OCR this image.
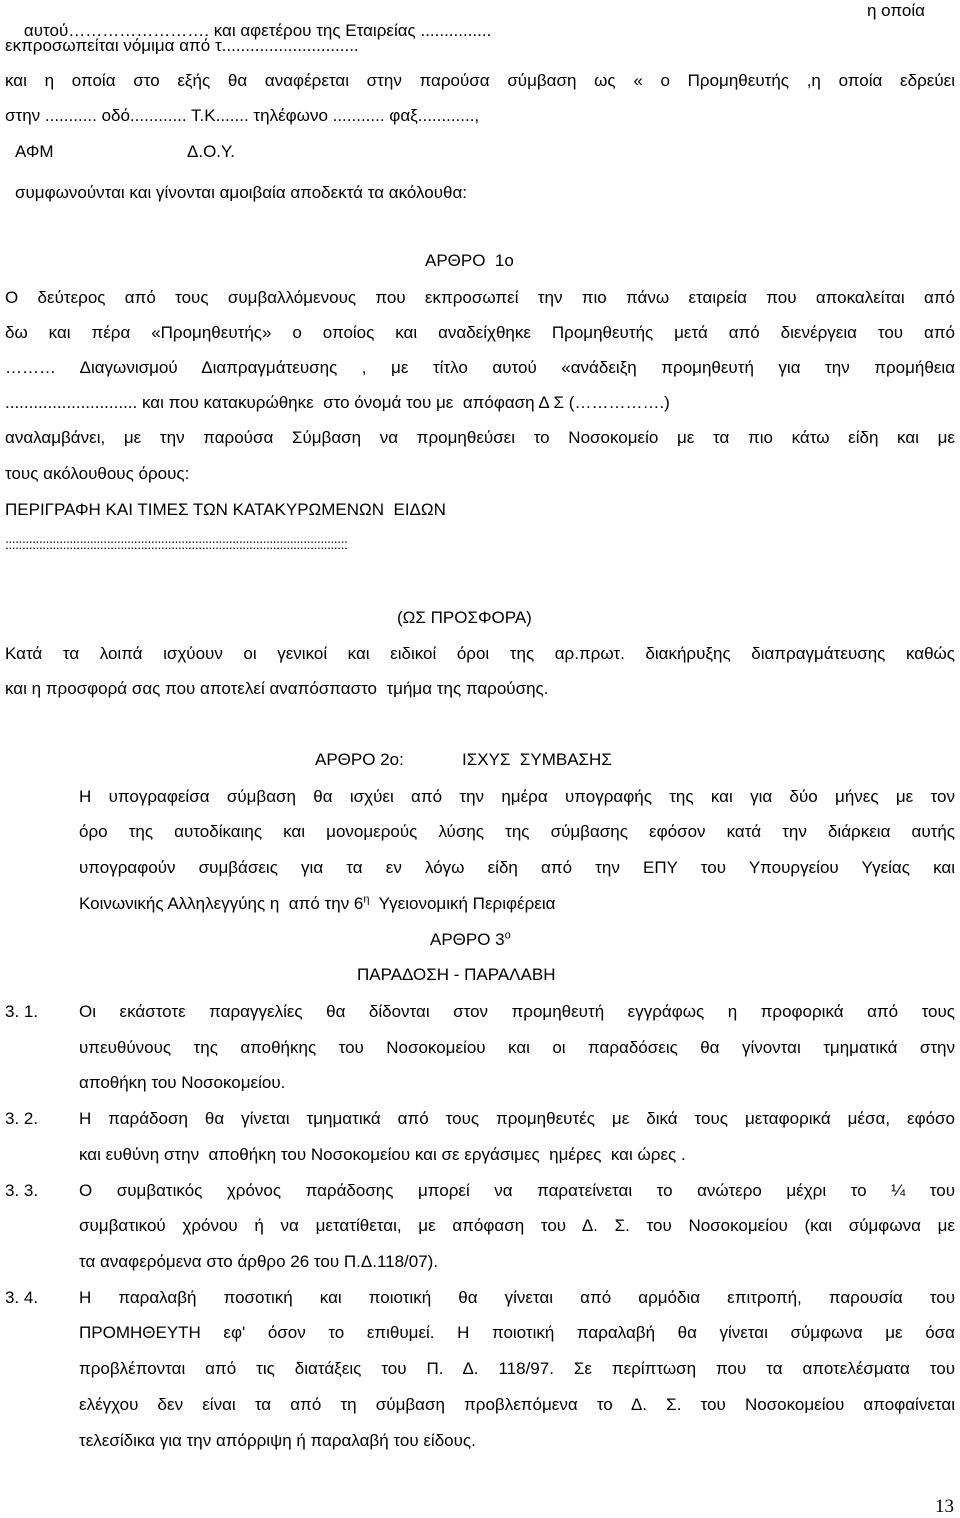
αυτού……………………. και αφετέρου της Εταιρείας ...............

η οποία
εκπροσωπείται νόμιμα από τ.............................
και η οποία στο εξής θα αναφέρεται στην παρούσα σύμβαση ως « ο Προμηθευτής ,η οποία εδρεύει
στην ........... οδό............ Τ.Κ....... τηλέφωνο ........... φαξ............,
ΑΦΜ	Δ.Ο.Υ.
συμφωνούνται και γίνονται αμοιβαία αποδεκτά τα ακόλουθα:
ΑΡΘΡΟ  1ο
Ο δεύτερος από τους συμβαλλόμενους που εκπροσωπεί την πιο πάνω εταιρεία που αποκαλείται από
δω και πέρα «Προμηθευτής» ο οποίος και αναδείχθηκε Προμηθευτής μετά από διενέργεια του από
……… Διαγωνισμού Διαπραγμάτευσης , με τίτλο αυτού «ανάδειξη προμηθευτή για την προμήθεια
............................ και που κατακυρώθηκε  στο όνομά του με  απόφαση Δ Σ (…………….)
αναλαμβάνει, με την παρούσα Σύμβαση να προμηθεύσει το Νοσοκομείο με τα πιο κάτω είδη και με
τους ακόλουθους όρους:
ΠΕΡΙΓΡΑΦΗ ΚΑΙ ΤΙΜΕΣ ΤΩΝ ΚΑΤΑΚΥΡΩΜΕΝΩΝ  ΕΙΔΩΝ
:::::::::::::::::::::::::::::::::::::::::::::::::::::::::::::::::::::::::::::::::::::::::::::::::::::
(ΩΣ ΠΡΟΣΦΟΡΑ)
Κατά τα λοιπά ισχύουν οι γενικοί και ειδικοί όροι της αρ.πρωτ. διακήρυξης διαπραγμάτευσης καθώς
και η προσφορά σας που αποτελεί αναπόσπαστο  τμήμα της παρούσης.
ΑΡΘΡΟ 2ο:	ΙΣΧΥΣ  ΣΥΜΒΑΣΗΣ
Η υπογραφείσα σύμβαση θα ισχύει από την ημέρα υπογραφής της και για δύο μήνες με τον
όρο της αυτοδίκαιης και μονομερούς λύσης της σύμβασης εφόσον κατά την διάρκεια αυτής
υπογραφούν συμβάσεις για τα εν λόγω είδη από την ΕΠΥ του Υπουργείου Υγείας και
Κοινωνικής Αλληλεγγύης η  από την $6^\eta$  Υγειονομική Περιφέρεια
ΑΡΘΡΟ $3^o$
ΠΑΡΑΔΟΣΗ - ΠΑΡΑΛΑΒΗ
3. 1. Οι εκάστοτε παραγγελίες θα δίδονται στον προμηθευτή εγγράφως η προφορικά από τους
υπευθύνους της αποθήκης του Νοσοκομείου και οι παραδόσεις θα γίνονται τμηματικά στην
αποθήκη του Νοσοκομείου.
3. 2. Η παράδοση θα γίνεται τμηματικά από τους προμηθευτές με δικά τους μεταφορικά μέσα, εφόσο
και ευθύνη στην  αποθήκη του Νοσοκομείου και σε εργάσιμες  ημέρες  και ώρες .
3. 3. Ο συμβατικός χρόνος παράδοσης μπορεί να παρατείνεται το ανώτερο μέχρι το ¼ του
συμβατικού χρόνου ή να μετατίθεται, με απόφαση του Δ. Σ. του Νοσοκομείου (και σύμφωνα με
τα αναφερόμενα στο άρθρο 26 του Π.Δ.118/07).
3. 4. Η παραλαβή ποσοτική και ποιοτική θα γίνεται από αρμόδια επιτροπή, παρουσία του
ΠΡΟΜΗΘΕΥΤΗ εφ' όσον το επιθυμεί. Η ποιοτική παραλαβή θα γίνεται σύμφωνα με όσα
προβλέπονται από τις διατάξεις του Π. Δ. 118/97. Σε περίπτωση που τα αποτελέσματα του
ελέγχου δεν είναι τα από τη σύμβαση προβλεπόμενα το Δ. Σ. του Νοσοκομείου αποφαίνεται
τελεσίδικα για την απόρριψη ή παραλαβή του είδους.
13
